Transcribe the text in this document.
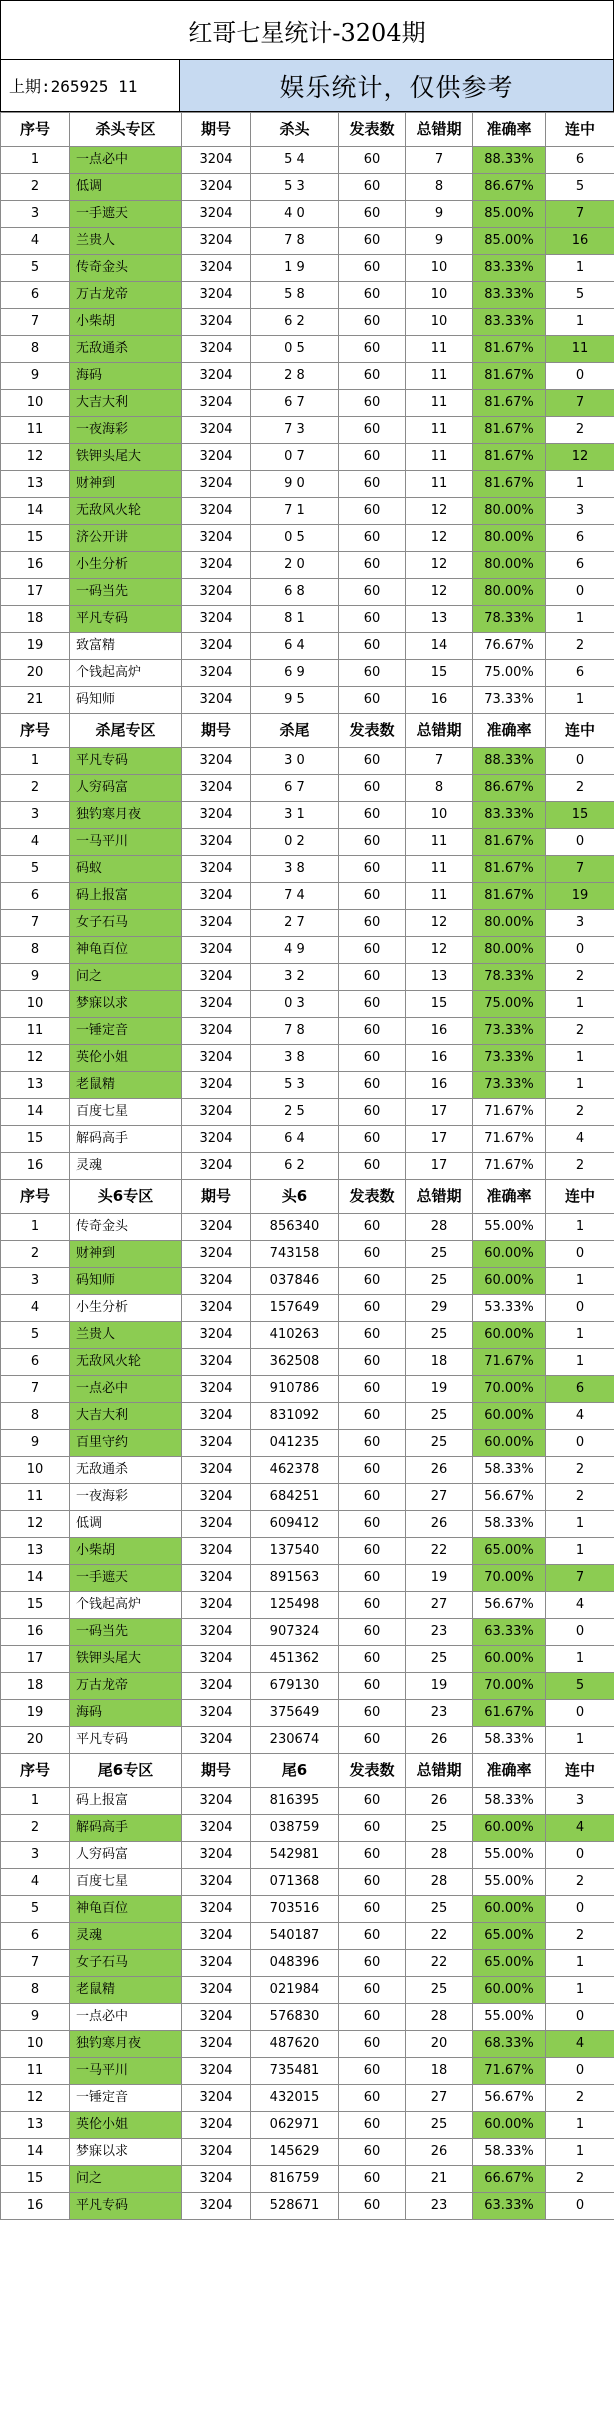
红哥七星统计-3204期
上期:265925 11	娱乐统计，仅供参考
序号	杀头专区	期号	杀头	发表数	总错期	准确率	连中
1	一点必中	3204	5 4	60	7	88.33%	6
2	低调	3204	5 3	60	8	86.67%	5
3	一手遮天	3204	4 0	60	9	85.00%	7
4	兰贵人	3204	7 8	60	9	85.00%	16
5	传奇金头	3204	1 9	60	10	83.33%	1
6	万古龙帝	3204	5 8	60	10	83.33%	5
7	小柴胡	3204	6 2	60	10	83.33%	1
8	无敌通杀	3204	0 5	60	11	81.67%	11
9	海码	3204	2 8	60	11	81.67%	0
10	大吉大利	3204	6 7	60	11	81.67%	7
11	一夜海彩	3204	7 3	60	11	81.67%	2
12	铁钾头尾大	3204	0 7	60	11	81.67%	12
13	财神到	3204	9 0	60	11	81.67%	1
14	无敌风火轮	3204	7 1	60	12	80.00%	3
15	济公开讲	3204	0 5	60	12	80.00%	6
16	小生分析	3204	2 0	60	12	80.00%	6
17	一码当先	3204	6 8	60	12	80.00%	0
18	平凡专码	3204	8 1	60	13	78.33%	1
19	致富精	3204	6 4	60	14	76.67%	2
20	个钱起高炉	3204	6 9	60	15	75.00%	6
21	码知师	3204	9 5	60	16	73.33%	1
序号	杀尾专区	期号	杀尾	发表数	总错期	准确率	连中
1	平凡专码	3204	3 0	60	7	88.33%	0
2	人穷码富	3204	6 7	60	8	86.67%	2
3	独钓寒月夜	3204	3 1	60	10	83.33%	15
4	一马平川	3204	0 2	60	11	81.67%	0
5	码蚁	3204	3 8	60	11	81.67%	7
6	码上报富	3204	7 4	60	11	81.67%	19
7	女子石马	3204	2 7	60	12	80.00%	3
8	神龟百位	3204	4 9	60	12	80.00%	0
9	问之	3204	3 2	60	13	78.33%	2
10	梦寐以求	3204	0 3	60	15	75.00%	1
11	一锤定音	3204	7 8	60	16	73.33%	2
12	英伦小姐	3204	3 8	60	16	73.33%	1
13	老鼠精	3204	5 3	60	16	73.33%	1
14	百度七星	3204	2 5	60	17	71.67%	2
15	解码高手	3204	6 4	60	17	71.67%	4
16	灵魂	3204	6 2	60	17	71.67%	2
序号	头6专区	期号	头6	发表数	总错期	准确率	连中
1	传奇金头	3204	856340	60	28	55.00%	1
2	财神到	3204	743158	60	25	60.00%	0
3	码知师	3204	037846	60	25	60.00%	1
4	小生分析	3204	157649	60	29	53.33%	0
5	兰贵人	3204	410263	60	25	60.00%	1
6	无敌风火轮	3204	362508	60	18	71.67%	1
7	一点必中	3204	910786	60	19	70.00%	6
8	大吉大利	3204	831092	60	25	60.00%	4
9	百里守约	3204	041235	60	25	60.00%	0
10	无敌通杀	3204	462378	60	26	58.33%	2
11	一夜海彩	3204	684251	60	27	56.67%	2
12	低调	3204	609412	60	26	58.33%	1
13	小柴胡	3204	137540	60	22	65.00%	1
14	一手遮天	3204	891563	60	19	70.00%	7
15	个钱起高炉	3204	125498	60	27	56.67%	4
16	一码当先	3204	907324	60	23	63.33%	0
17	铁钾头尾大	3204	451362	60	25	60.00%	1
18	万古龙帝	3204	679130	60	19	70.00%	5
19	海码	3204	375649	60	23	61.67%	0
20	平凡专码	3204	230674	60	26	58.33%	1
序号	尾6专区	期号	尾6	发表数	总错期	准确率	连中
1	码上报富	3204	816395	60	26	58.33%	3
2	解码高手	3204	038759	60	25	60.00%	4
3	人穷码富	3204	542981	60	28	55.00%	0
4	百度七星	3204	071368	60	28	55.00%	2
5	神龟百位	3204	703516	60	25	60.00%	0
6	灵魂	3204	540187	60	22	65.00%	2
7	女子石马	3204	048396	60	22	65.00%	1
8	老鼠精	3204	021984	60	25	60.00%	1
9	一点必中	3204	576830	60	28	55.00%	0
10	独钓寒月夜	3204	487620	60	20	68.33%	4
11	一马平川	3204	735481	60	18	71.67%	0
12	一锤定音	3204	432015	60	27	56.67%	2
13	英伦小姐	3204	062971	60	25	60.00%	1
14	梦寐以求	3204	145629	60	26	58.33%	1
15	问之	3204	816759	60	21	66.67%	2
16	平凡专码	3204	528671	60	23	63.33%	0
